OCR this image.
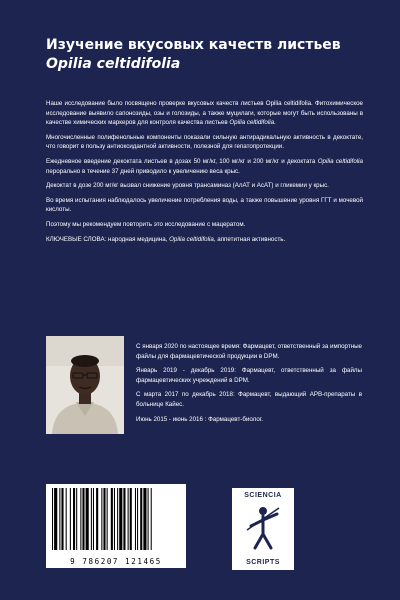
Изучение вкусовых качеств листьев
Opilia celtidifolia

Наше исследование было посвящено проверке вкусовых качеств листьев Opilia celtidifolia. Фитохимическое исследование выявило сапонозиды, озы и голозиды, а также муцилаги, которые могут быть использованы в качестве химических маркеров для контроля качества листьев Opilia celtidifolia.

Многочисленные полифенольные компоненты показали сильную антирадикальную активность в декоктате, что говорит в пользу антиоксидантной активности, полезной для гепатопротекции.

Ежедневное введение декоктата листьев в дозах 50 мг/кг, 100 мг/кг и 200 мг/кг и декоктата Opilia celtidifolia перорально в течение 37 дней приводило к увеличению веса крыс.

Декоктат в дозе 200 мг/кг вызвал снижение уровня трансаминаз (АлАТ и АсАТ) и гликемии у крыс.

Во время испытания наблюдалось увеличение потребления воды, а также повышение уровня ГГТ и мочевой кислоты.

Поэтому мы рекомендуем повторить это исследование с мацератом.

КЛЮЧЕВЫЕ СЛОВА: народная медицина, Opilia celtidifolia, аппетитная активность.

С января 2020 по настоящее время: Фармацевт, ответственный за импортные файлы для фармацевтической продукции в DPM.

Январь 2019 - декабрь 2019: Фармацевт, ответственный за файлы фармацевтических учреждений в DPM.

С марта 2017 по декабрь 2018: Фармацевт, выдающий АРВ-препараты в больнице Кайес.

Июнь 2015 - июнь 2016 : Фармацевт-биолог.

9 786207 121465
SCIENCIA
SCRIPTS
